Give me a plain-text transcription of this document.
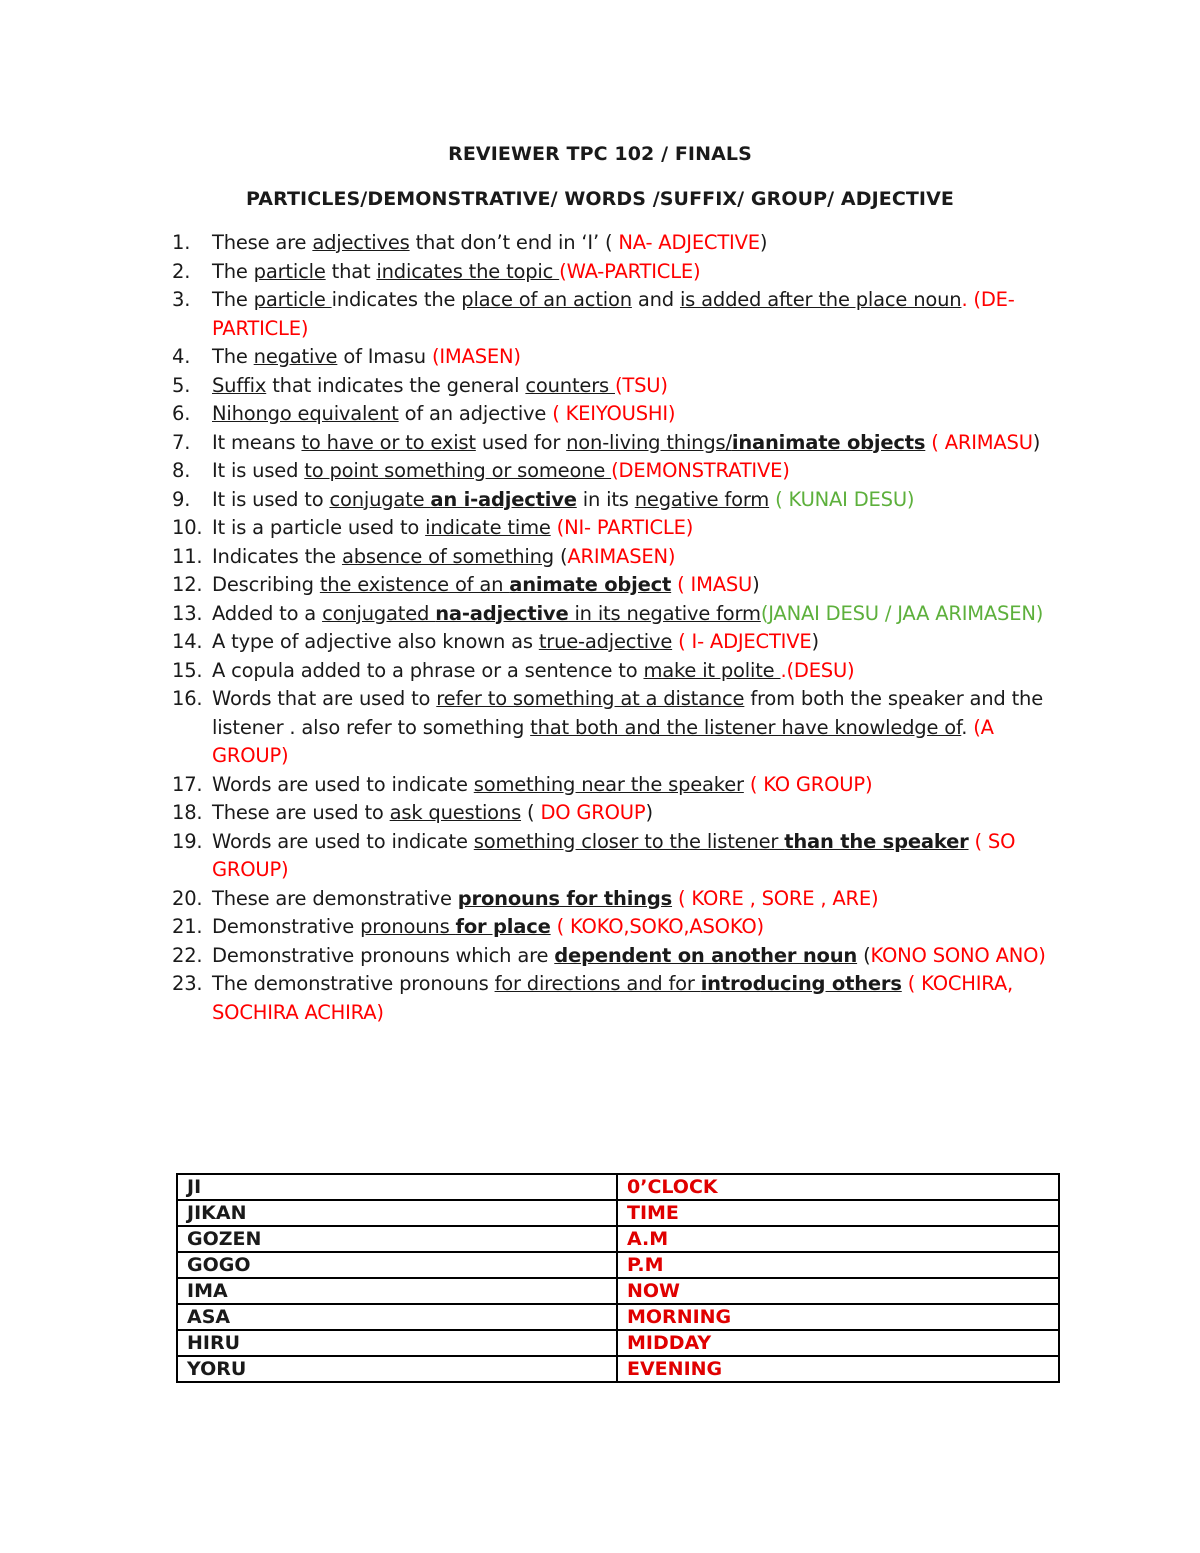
REVIEWER TPC 102 / FINALS
PARTICLES/DEMONSTRATIVE/ WORDS /SUFFIX/ GROUP/ ADJECTIVE
1.	These are adjectives that don’t end in ‘I’ ( NA- ADJECTIVE)
2.	The particle that indicates the topic (WA-PARTICLE)
3.	The particle indicates the place of an action and is added after the place noun. (DE-PARTICLE)
4.	The negative of Imasu (IMASEN)
5.	Suffix that indicates the general counters (TSU)
6.	Nihongo equivalent of an adjective ( KEIYOUSHI)
7.	It means to have or to exist used for non-living things/inanimate objects ( ARIMASU)
8.	It is used to point something or someone (DEMONSTRATIVE)
9.	It is used to conjugate an i-adjective in its negative form ( KUNAI DESU)
10. It is a particle used to indicate time (NI- PARTICLE)
11. Indicates the absence of something (ARIMASEN)
12. Describing the existence of an animate object ( IMASU)
13. Added to a conjugated na-adjective in its negative form(JANAI DESU / JAA ARIMASEN)
14. A type of adjective also known as true-adjective ( I- ADJECTIVE)
15. A copula added to a phrase or a sentence to make it polite .(DESU)
16. Words that are used to refer to something at a distance from both the speaker and the listener . also refer to something that both and the listener have knowledge of. (A GROUP)
17. Words are used to indicate something near the speaker ( KO GROUP)
18. These are used to ask questions ( DO GROUP)
19. Words are used to indicate something closer to the listener than the speaker ( SO GROUP)
20. These are demonstrative pronouns for things ( KORE , SORE , ARE)
21. Demonstrative pronouns for place ( KOKO,SOKO,ASOKO)
22. Demonstrative pronouns which are dependent on another noun (KONO SONO ANO)
23. The demonstrative pronouns for directions and for introducing others ( KOCHIRA, SOCHIRA ACHIRA)
JI	0’CLOCK
JIKAN	TIME
GOZEN	A.M
GOGO	P.M
IMA	NOW
ASA	MORNING
HIRU	MIDDAY
YORU	EVENING
